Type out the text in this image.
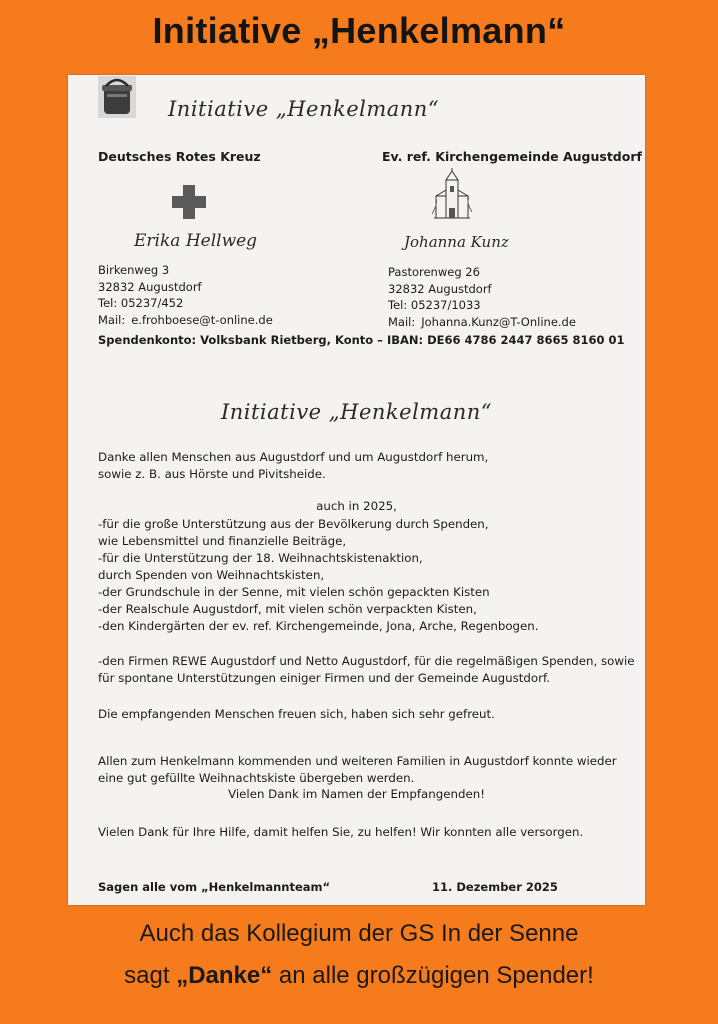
Initiative „Henkelmann“
Initiative „Henkelmann“
Deutsches Rotes Kreuz	Ev. ref. Kirchengemeinde Augustdorf
Erika Hellweg	Johanna Kunz
Birkenweg 3
32832 Augustdorf
Tel: 05237/452
Mail: e.frohboese@t-online.de
Pastorenweg 26
32832 Augustdorf
Tel: 05237/1033
Mail: Johanna.Kunz@T-Online.de
Spendenkonto: Volksbank Rietberg, Konto – IBAN: DE66 4786 2447 8665 8160 01
Initiative „Henkelmann“
Danke allen Menschen aus Augustdorf und um Augustdorf herum,
sowie z. B. aus Hörste und Pivitsheide.
auch in 2025,
-für die große Unterstützung aus der Bevölkerung durch Spenden,
wie Lebensmittel und finanzielle Beiträge,
-für die Unterstützung der 18. Weihnachtskistenaktion,
durch Spenden von Weihnachtskisten,
-der Grundschule in der Senne, mit vielen schön gepackten Kisten
-der Realschule Augustdorf, mit vielen schön verpackten Kisten,
-den Kindergärten der ev. ref. Kirchengemeinde, Jona, Arche, Regenbogen.
-den Firmen REWE Augustdorf und Netto Augustdorf, für die regelmäßigen Spenden, sowie
für spontane Unterstützungen einiger Firmen und der Gemeinde Augustdorf.
Die empfangenden Menschen freuen sich, haben sich sehr gefreut.
Allen zum Henkelmann kommenden und weiteren Familien in Augustdorf konnte wieder
eine gut gefüllte Weihnachtskiste übergeben werden.
Vielen Dank im Namen der Empfangenden!
Vielen Dank für Ihre Hilfe, damit helfen Sie, zu helfen! Wir konnten alle versorgen.
Sagen alle vom „Henkelmannteam“	11. Dezember 2025
Auch das Kollegium der GS In der Senne
sagt „Danke“ an alle großzügigen Spender!
